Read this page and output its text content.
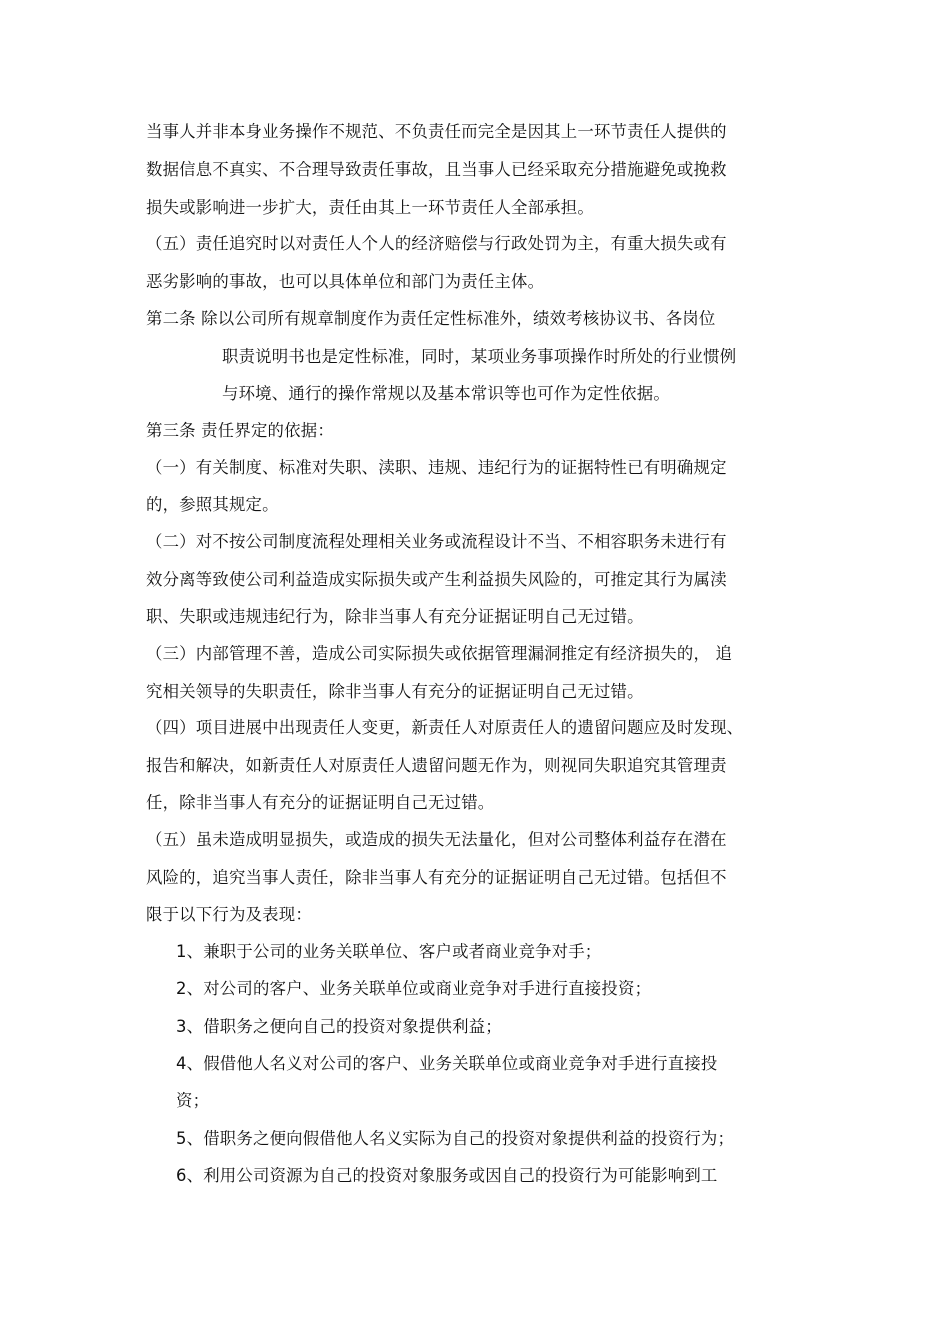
当事人并非本身业务操作不规范、不负责任而完全是因其上一环节责任人提供的
数据信息不真实、不合理导致责任事故，且当事人已经采取充分措施避免或挽救
损失或影响进一步扩大，责任由其上一环节责任人全部承担。
（五）责任追究时以对责任人个人的经济赔偿与行政处罚为主，有重大损失或有
恶劣影响的事故，也可以具体单位和部门为责任主体。
第二条 除以公司所有规章制度作为责任定性标准外，绩效考核协议书、各岗位
职责说明书也是定性标准，同时，某项业务事项操作时所处的行业惯例
与环境、通行的操作常规以及基本常识等也可作为定性依据。
第三条 责任界定的依据：
（一）有关制度、标准对失职、渎职、违规、违纪行为的证据特性已有明确规定
的，参照其规定。
（二）对不按公司制度流程处理相关业务或流程设计不当、不相容职务未进行有
效分离等致使公司利益造成实际损失或产生利益损失风险的，可推定其行为属渎
职、失职或违规违纪行为，除非当事人有充分证据证明自己无过错。
（三）内部管理不善，造成公司实际损失或依据管理漏洞推定有经济损失的， 追
究相关领导的失职责任，除非当事人有充分的证据证明自己无过错。
（四）项目进展中出现责任人变更，新责任人对原责任人的遗留问题应及时发现、
报告和解决，如新责任人对原责任人遗留问题无作为，则视同失职追究其管理责
任，除非当事人有充分的证据证明自己无过错。
（五）虽未造成明显损失，或造成的损失无法量化，但对公司整体利益存在潜在
风险的，追究当事人责任，除非当事人有充分的证据证明自己无过错。包括但不
限于以下行为及表现：
1、兼职于公司的业务关联单位、客户或者商业竞争对手；
2、对公司的客户、业务关联单位或商业竞争对手进行直接投资；
3、借职务之便向自己的投资对象提供利益；
4、假借他人名义对公司的客户、业务关联单位或商业竞争对手进行直接投
资；
5、借职务之便向假借他人名义实际为自己的投资对象提供利益的投资行为；
6、利用公司资源为自己的投资对象服务或因自己的投资行为可能影响到工
